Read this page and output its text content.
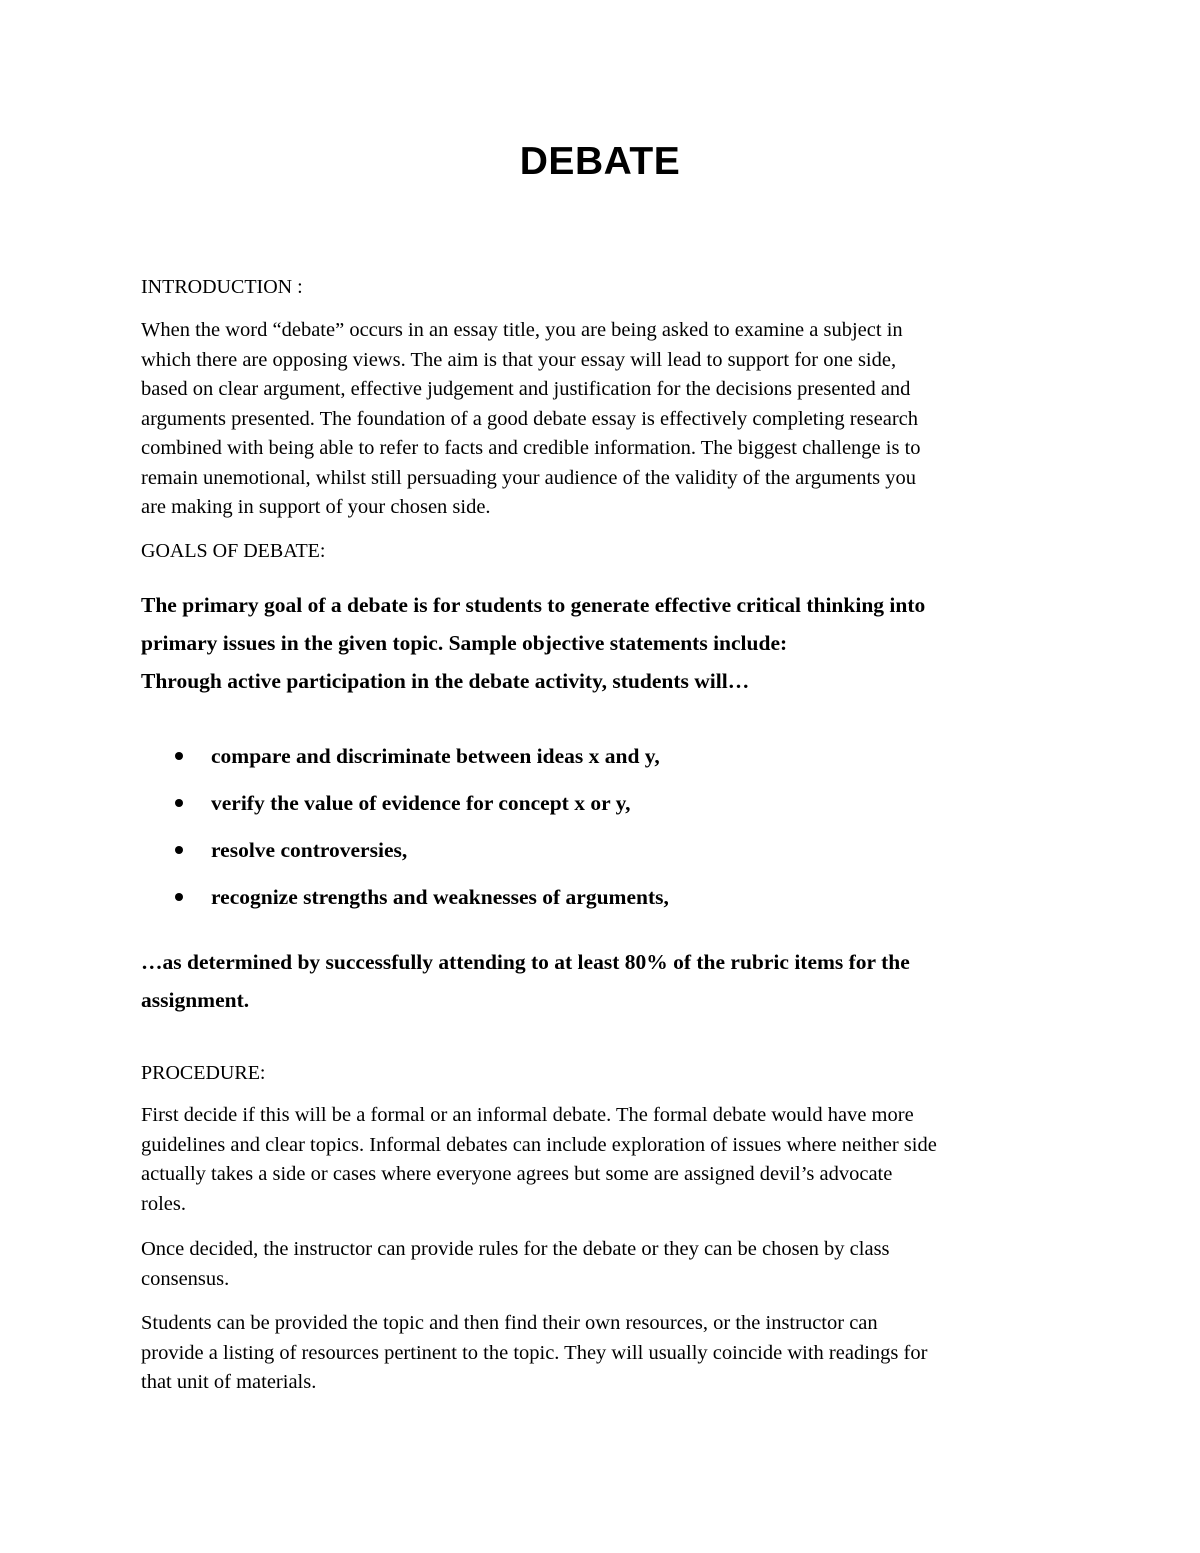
DEBATE
INTRODUCTION :
When the word “debate” occurs in an essay title, you are being asked to examine a subject in
which there are opposing views. The aim is that your essay will lead to support for one side,
based on clear argument, effective judgement and justification for the decisions presented and
arguments presented. The foundation of a good debate essay is effectively completing research
combined with being able to refer to facts and credible information. The biggest challenge is to
remain unemotional, whilst still persuading your audience of the validity of the arguments you
are making in support of your chosen side.
GOALS OF DEBATE:
The primary goal of a debate is for students to generate effective critical thinking into
primary issues in the given topic. Sample objective statements include:
Through active participation in the debate activity, students will…
compare and discriminate between ideas x and y,
verify the value of evidence for concept x or y,
resolve controversies,
recognize strengths and weaknesses of arguments,
…as determined by successfully attending to at least 80% of the rubric items for the
assignment.
PROCEDURE:
First decide if this will be a formal or an informal debate. The formal debate would have more
guidelines and clear topics. Informal debates can include exploration of issues where neither side
actually takes a side or cases where everyone agrees but some are assigned devil’s advocate
roles.
Once decided, the instructor can provide rules for the debate or they can be chosen by class
consensus.
Students can be provided the topic and then find their own resources, or the instructor can
provide a listing of resources pertinent to the topic. They will usually coincide with readings for
that unit of materials.
